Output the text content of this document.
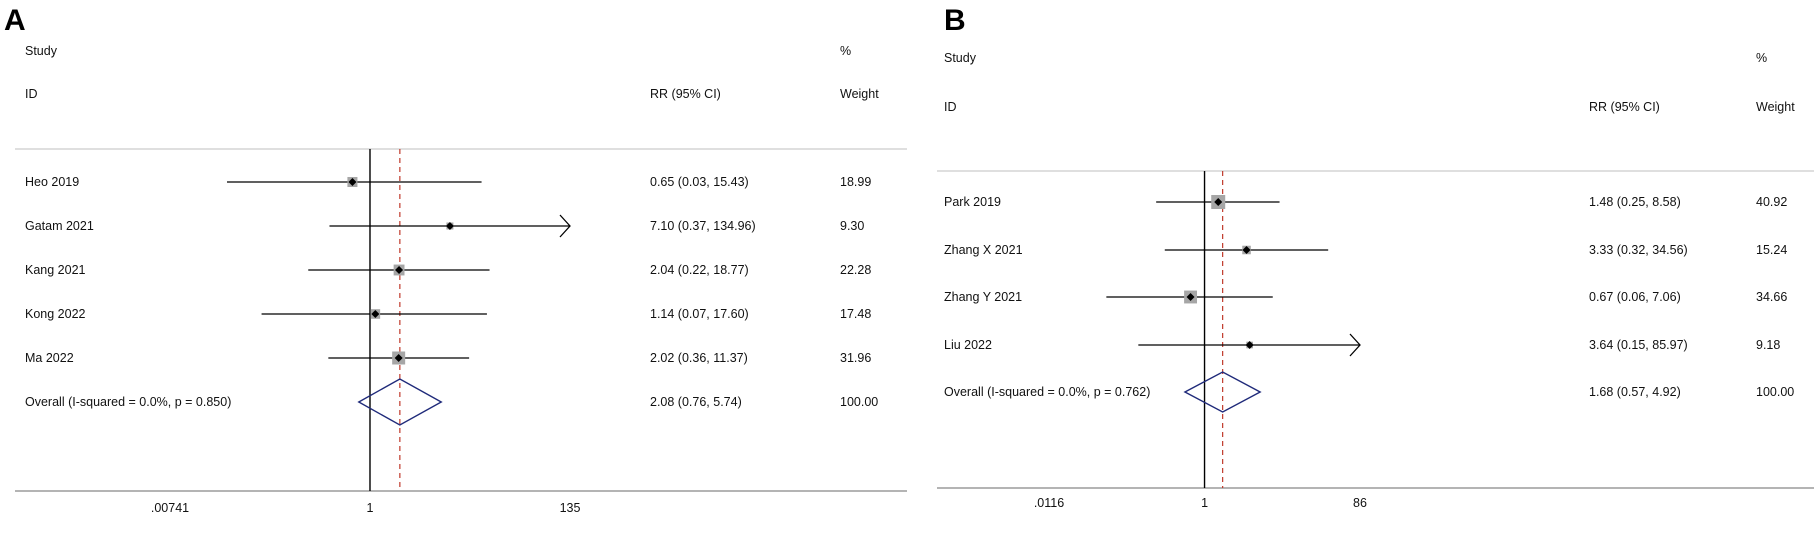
A
Study
ID	RR (95% CI)
%
Weight
Heo 2019	0.65 (0.03, 15.43)	18.99
Gatam 2021	7.10 (0.37, 134.96)	9.30
Kang 2021	2.04 (0.22, 18.77)	22.28
Kong 2022	1.14 (0.07, 17.60)	17.48
Ma 2022	2.02 (0.36, 11.37)	31.96
Overall (I-squared = 0.0%, p = 0.850)	2.08 (0.76, 5.74)	100.00
.00741	1	135
B
Study
ID	RR (95% CI)
%
Weight
Park 2019	1.48 (0.25, 8.58)	40.92
Zhang X 2021	3.33 (0.32, 34.56)	15.24
Zhang Y 2021	0.67 (0.06, 7.06)	34.66
Liu 2022	3.64 (0.15, 85.97)	9.18
Overall (I-squared = 0.0%, p = 0.762)	1.68 (0.57, 4.92)	100.00
.0116	1	86
